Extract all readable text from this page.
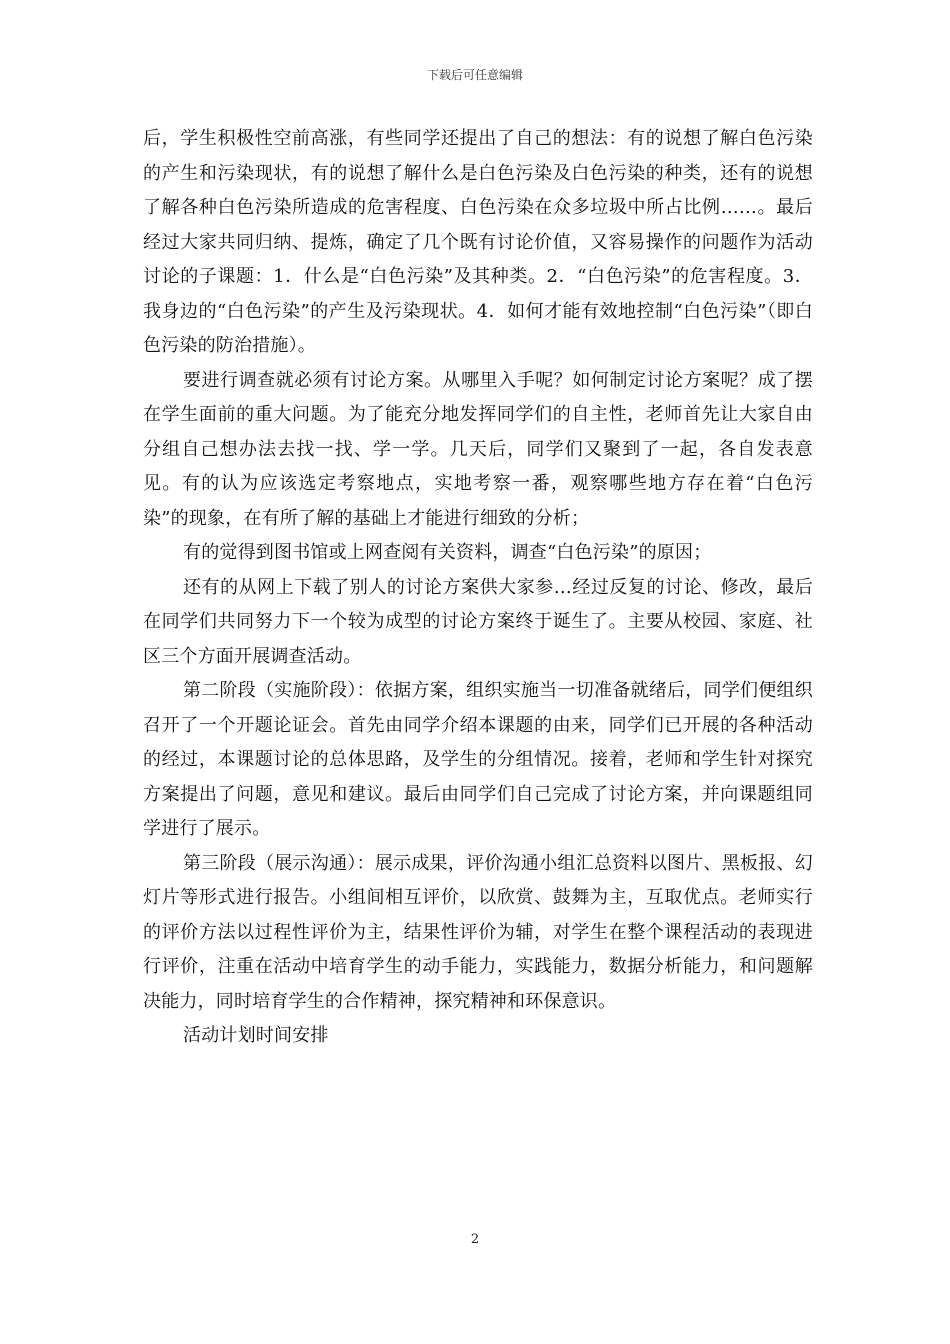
下载后可任意编辑

后，学生积极性空前高涨，有些同学还提出了自己的想法：有的说想了解白色污染的产生和污染现状，有的说想了解什么是白色污染及白色污染的种类，还有的说想了解各种白色污染所造成的危害程度、白色污染在众多垃圾中所占比例……。最后经过大家共同归纳、提炼，确定了几个既有讨论价值，又容易操作的问题作为活动讨论的子课题：1．什么是“白色污染”及其种类。2．“白色污染”的危害程度。3．我身边的“白色污染”的产生及污染现状。4．如何才能有效地控制“白色污染”（即白色污染的防治措施）。

要进行调查就必须有讨论方案。从哪里入手呢？如何制定讨论方案呢？成了摆在学生面前的重大问题。为了能充分地发挥同学们的自主性，老师首先让大家自由分组自己想办法去找一找、学一学。几天后，同学们又聚到了一起，各自发表意见。有的认为应该选定考察地点，实地考察一番，观察哪些地方存在着“白色污染”的现象，在有所了解的基础上才能进行细致的分析；

有的觉得到图书馆或上网查阅有关资料，调查“白色污染”的原因；

还有的从网上下载了别人的讨论方案供大家参…经过反复的讨论、修改，最后在同学们共同努力下一个较为成型的讨论方案终于诞生了。主要从校园、家庭、社区三个方面开展调查活动。

第二阶段（实施阶段）：依据方案，组织实施当一切准备就绪后，同学们便组织召开了一个开题论证会。首先由同学介绍本课题的由来，同学们已开展的各种活动的经过，本课题讨论的总体思路，及学生的分组情况。接着，老师和学生针对探究方案提出了问题，意见和建议。最后由同学们自己完成了讨论方案，并向课题组同学进行了展示。

第三阶段（展示沟通）：展示成果，评价沟通小组汇总资料以图片、黑板报、幻灯片等形式进行报告。小组间相互评价，以欣赏、鼓舞为主，互取优点。老师实行的评价方法以过程性评价为主，结果性评价为辅，对学生在整个课程活动的表现进行评价，注重在活动中培育学生的动手能力，实践能力，数据分析能力，和问题解决能力，同时培育学生的合作精神，探究精神和环保意识。

活动计划时间安排

2
